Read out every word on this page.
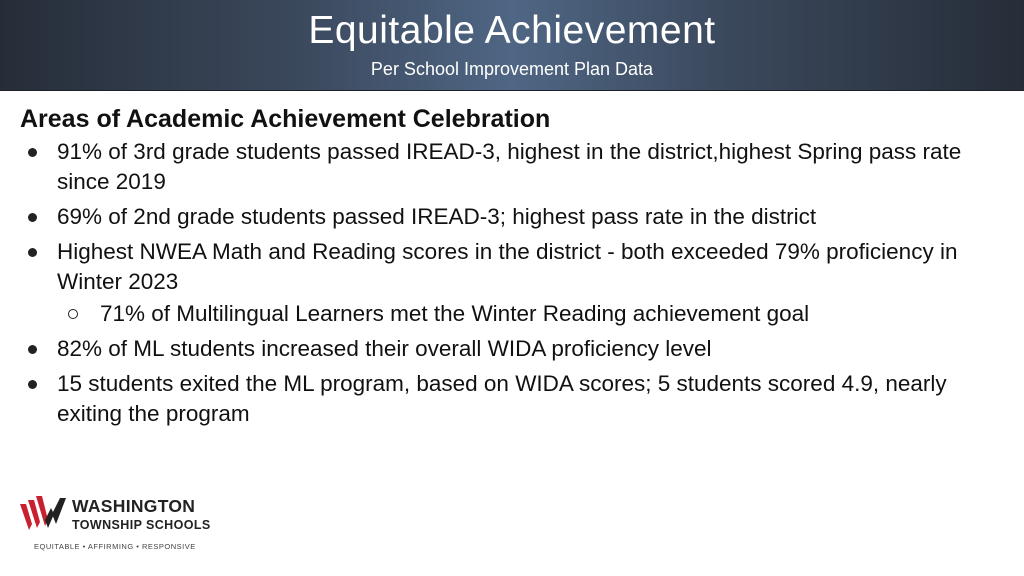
Equitable Achievement
Per School Improvement Plan Data
Areas of Academic Achievement Celebration
91% of 3rd grade students passed IREAD-3, highest in the district,highest Spring pass rate since 2019
69% of 2nd grade students passed IREAD-3; highest pass rate in the district
Highest NWEA Math and Reading scores in the district - both exceeded 79% proficiency in Winter 2023
71% of Multilingual Learners met the Winter Reading achievement goal
82% of ML students increased their overall WIDA proficiency level
15 students exited the ML program, based on WIDA scores; 5 students scored 4.9, nearly exiting the program
WASHINGTON
TOWNSHIP SCHOOLS
EQUITABLE • AFFIRMING • RESPONSIVE
